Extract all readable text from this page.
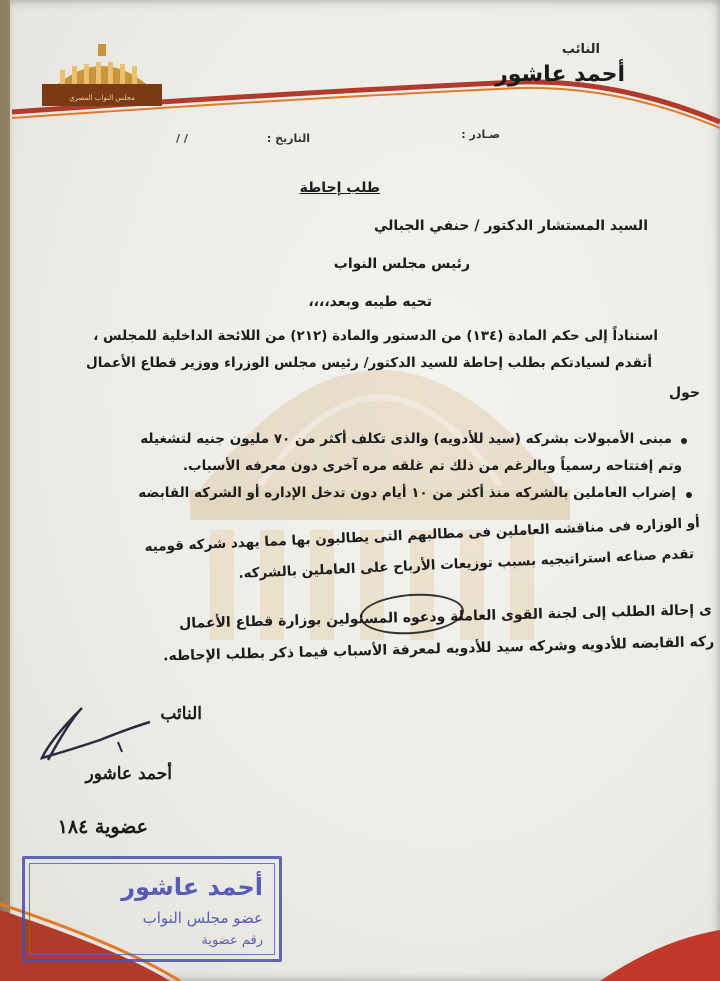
مجلس النواب المصري
النائب
أحمد عاشور
صـادر :
التاريخ :
/ /
طلب إحاطة
السيد المستشار الدكتور / حنفي الجبالي
رئيس مجلس النواب
تحيه طيبه وبعد،،،،
استناداً إلى حكم المادة (١٣٤) من الدستور والمادة (٢١٢) من اللائحة الداخلية للمجلس ،
أتقدم لسيادتكم بطلب إحاطة للسيد الدكتور/ رئيس مجلس الوزراء ووزير قطاع الأعمال
حول
مبنى الأمبولات بشركه (سيد للأدويه) والذى تكلف أكثر من ٧٠ مليون جنيه لتشغيله
وتم إفتتاحه رسمياً وبالرغم من ذلك تم غلقه مره آخرى دون معرفه الأسباب.
إضراب العاملين بالشركه منذ أكثر من ١٠ أيام دون تدخل الإداره أو الشركه القابضه
أو الوزاره فى مناقشه العاملين فى مطالبهم التى يطالبون بها مما يهدد شركه قوميه
تقدم صناعه استراتيجيه بسبب توزيعات الأرباح على العاملين بالشركه.
ى إحالة الطلب إلى لجنة القوى العاملة ودعوه المسئولين بوزارة قطاع الأعمال
ركه القابضه للأدويه وشركه سيد للأدويه لمعرفة الأسباب فيما ذكر بطلب الإحاطه.
النائب
أحمد عاشور
عضوية ١٨٤
أحمد عاشور
عضو مجلس النواب
رقم عضوية
